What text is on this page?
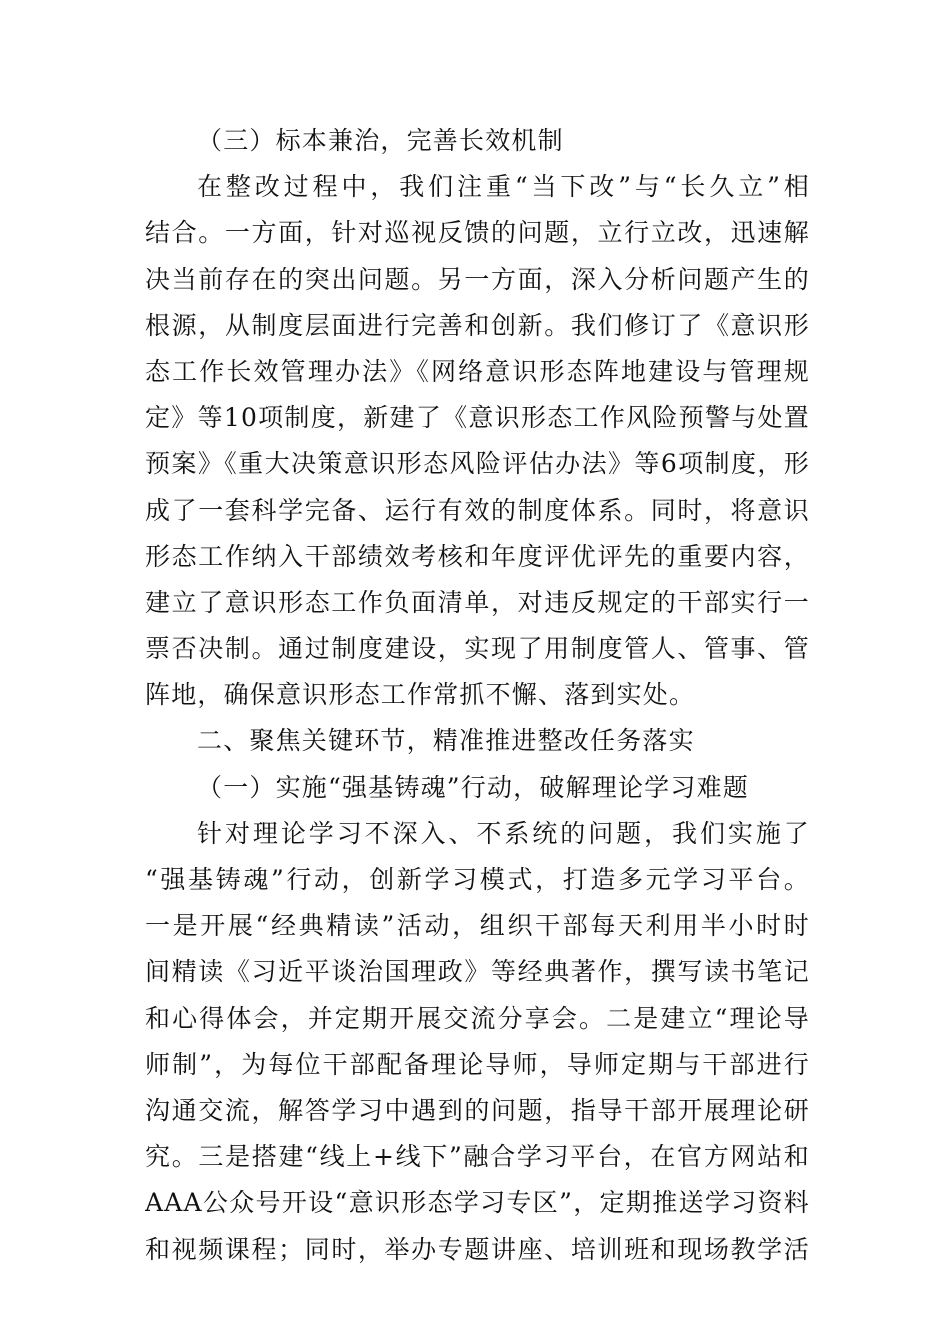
（三）标本兼治，完善长效机制
在整改过程中，我们注重“当下改”与“长久立”相
结合。一方面，针对巡视反馈的问题，立行立改，迅速解
决当前存在的突出问题。另一方面，深入分析问题产生的
根源，从制度层面进行完善和创新。我们修订了《意识形
态工作长效管理办法》《网络意识形态阵地建设与管理规
定》等10项制度，新建了《意识形态工作风险预警与处置
预案》《重大决策意识形态风险评估办法》等6项制度，形
成了一套科学完备、运行有效的制度体系。同时，将意识
形态工作纳入干部绩效考核和年度评优评先的重要内容，
建立了意识形态工作负面清单，对违反规定的干部实行一
票否决制。通过制度建设，实现了用制度管人、管事、管
阵地，确保意识形态工作常抓不懈、落到实处。
二、聚焦关键环节，精准推进整改任务落实
（一）实施“强基铸魂”行动，破解理论学习难题
针对理论学习不深入、不系统的问题，我们实施了
“强基铸魂”行动，创新学习模式，打造多元学习平台。
一是开展“经典精读”活动，组织干部每天利用半小时时
间精读《习近平谈治国理政》等经典著作，撰写读书笔记
和心得体会，并定期开展交流分享会。二是建立“理论导
师制”，为每位干部配备理论导师，导师定期与干部进行
沟通交流，解答学习中遇到的问题，指导干部开展理论研
究。三是搭建“线上+线下”融合学习平台，在官方网站和
AAA公众号开设“意识形态学习专区”，定期推送学习资料
和视频课程；同时，举办专题讲座、培训班和现场教学活
